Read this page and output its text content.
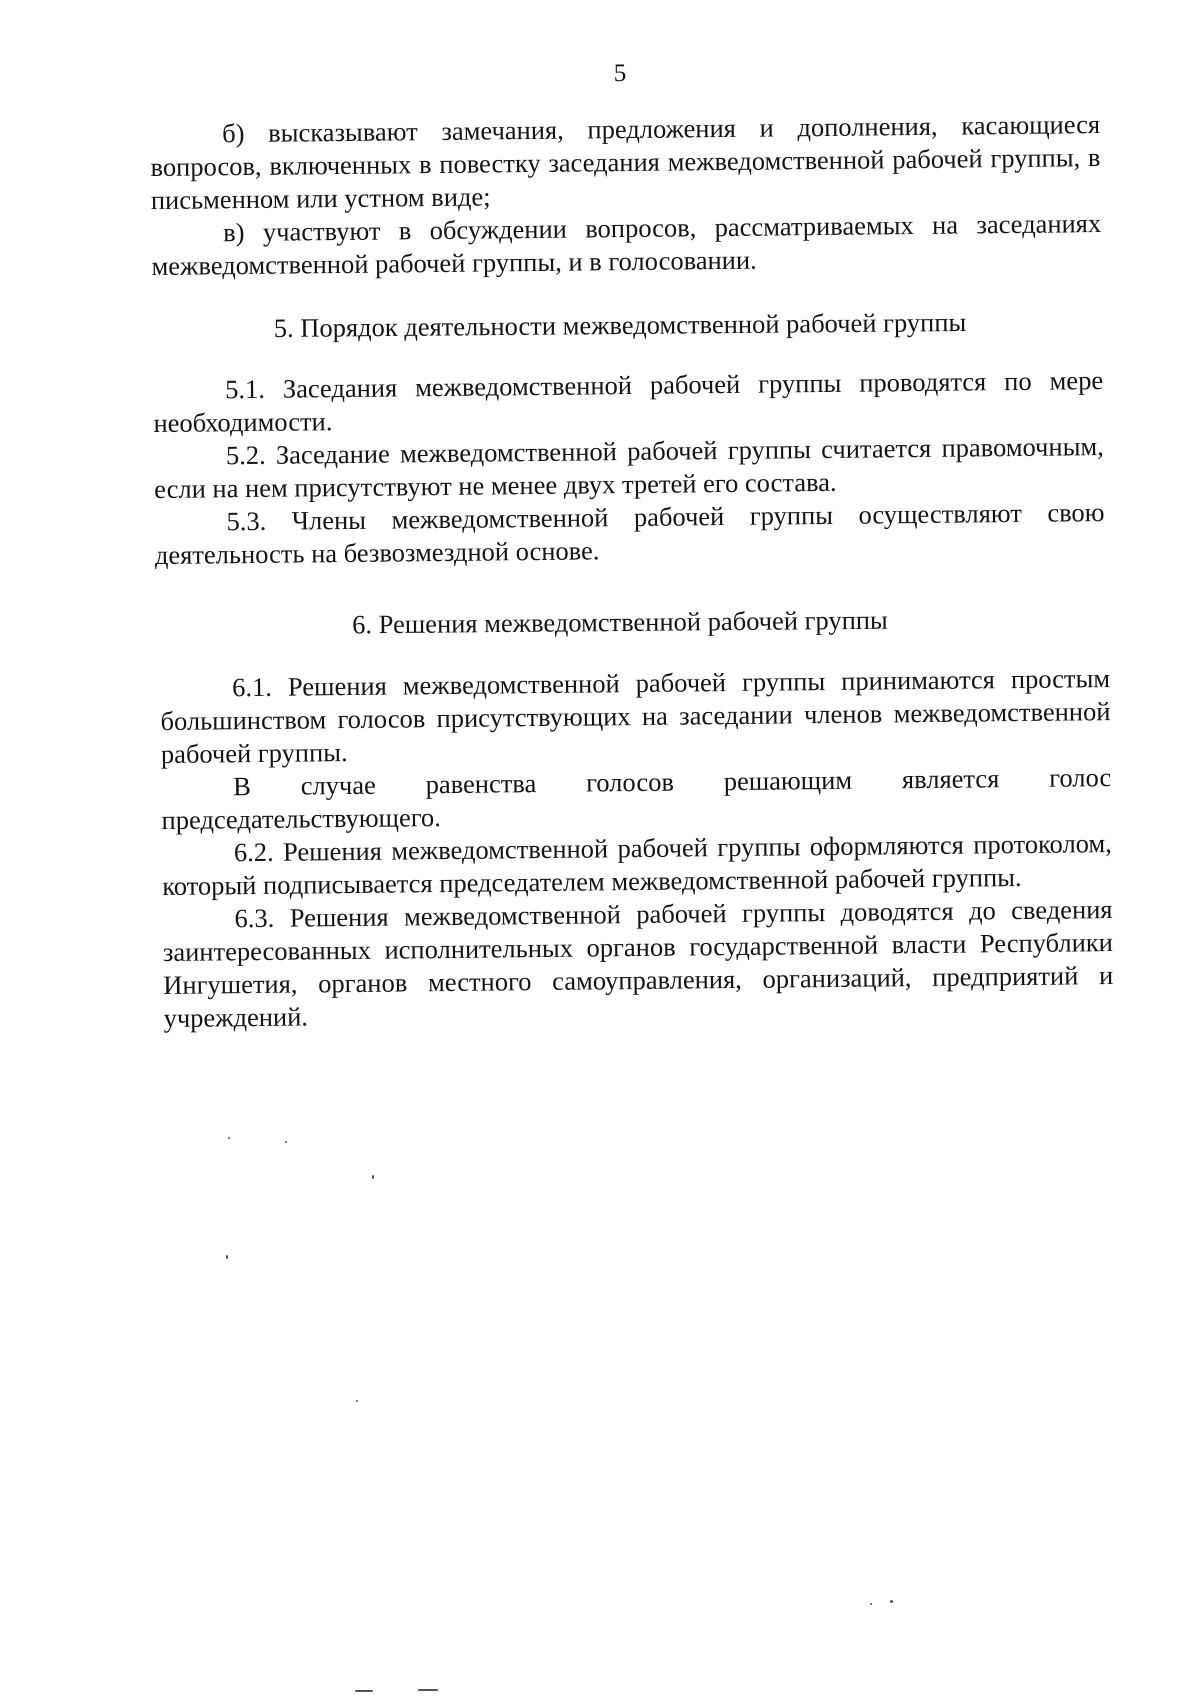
5

б) высказывают замечания, предложения и дополнения, касающиеся вопросов, включенных в повестку заседания межведомственной рабочей группы, в письменном или устном виде;

в) участвуют в обсуждении вопросов, рассматриваемых на заседаниях межведомственной рабочей группы, и в голосовании.

5. Порядок деятельности межведомственной рабочей группы

5.1. Заседания межведомственной рабочей группы проводятся по мере необходимости.

5.2. Заседание межведомственной рабочей группы считается правомочным, если на нем присутствуют не менее двух третей его состава.

5.3. Члены межведомственной рабочей группы осуществляют свою деятельность на безвозмездной основе.

6. Решения межведомственной рабочей группы

6.1. Решения межведомственной рабочей группы принимаются простым большинством голосов присутствующих на заседании членов межведомственной рабочей группы.

В случае равенства голосов решающим является голос председательствующего.

6.2. Решения межведомственной рабочей группы оформляются протоколом, который подписывается председателем межведомственной рабочей группы.

6.3. Решения межведомственной рабочей группы доводятся до сведения заинтересованных исполнительных органов государственной власти Республики Ингушетия, органов местного самоуправления, организаций, предприятий и учреждений.
